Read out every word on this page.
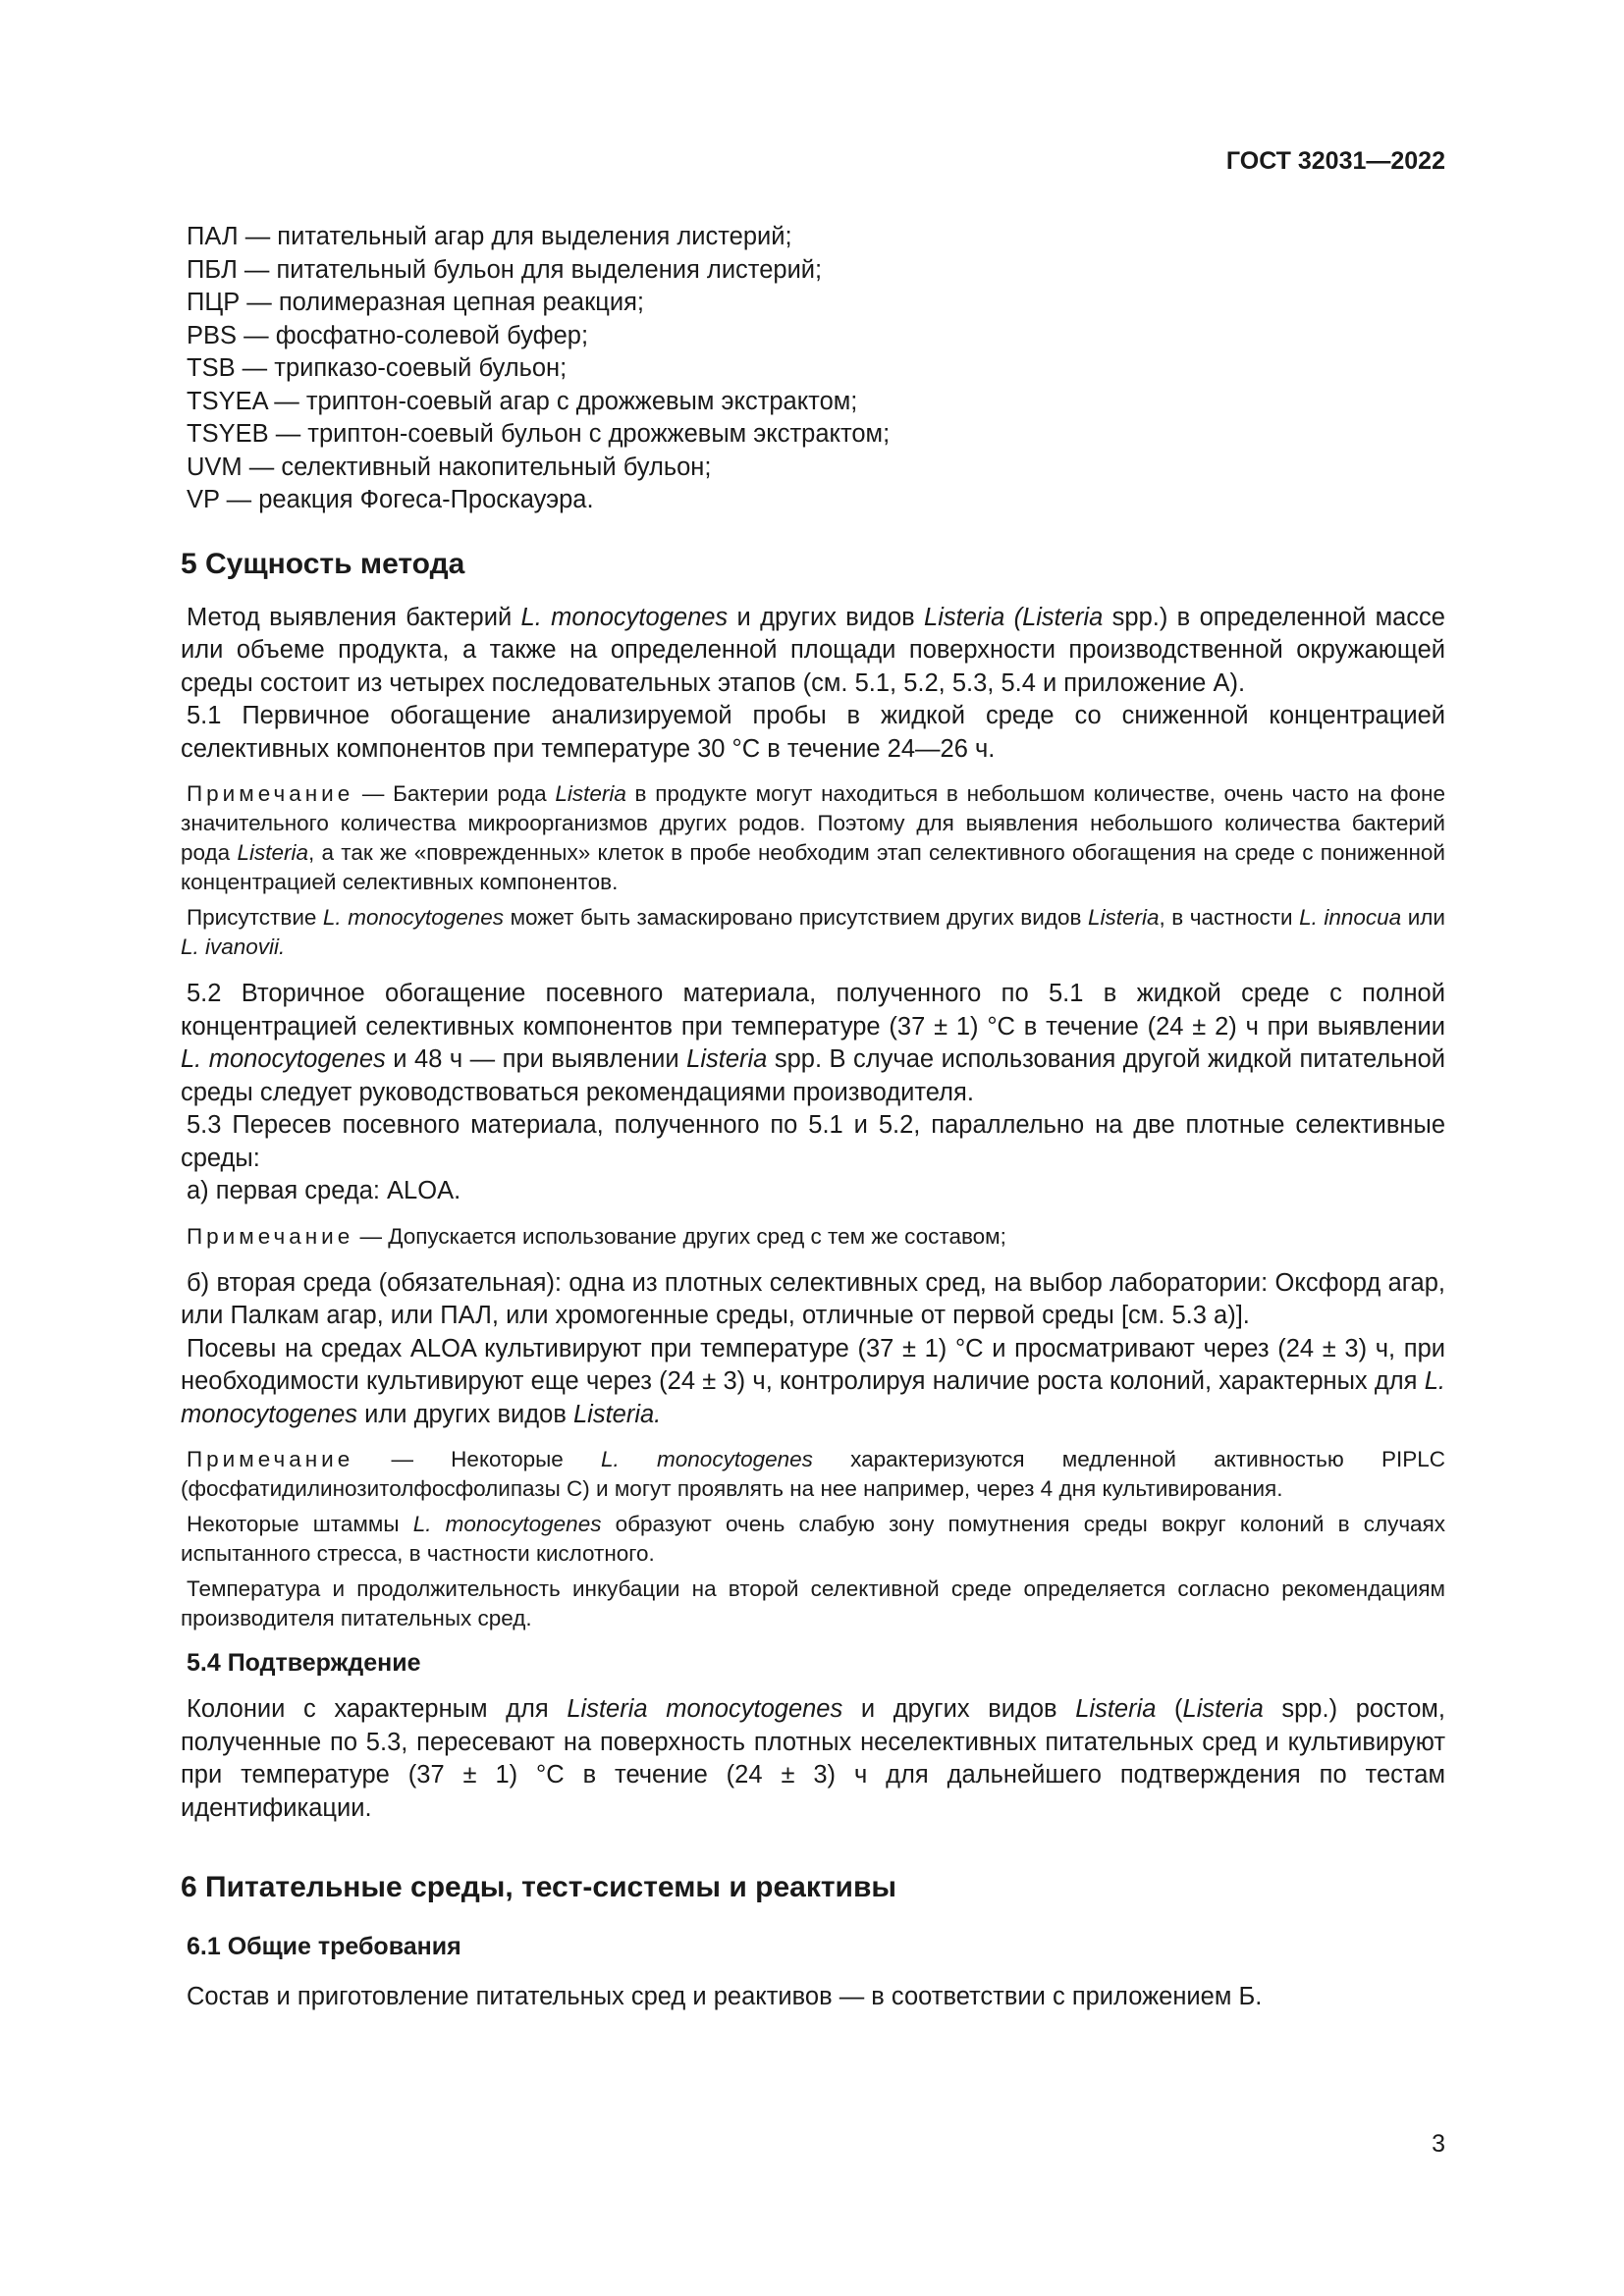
ГОСТ 32031—2022
ПАЛ — питательный агар для выделения листерий;
ПБЛ — питательный бульон для выделения листерий;
ПЦР — полимеразная цепная реакция;
PBS — фосфатно-солевой буфер;
TSB — трипказо-соевый бульон;
TSYEA — триптон-соевый агар с дрожжевым экстрактом;
TSYEB — триптон-соевый бульон с дрожжевым экстрактом;
UVM — селективный накопительный бульон;
VP — реакция Фогеса-Проскауэра.
5 Сущность метода

Метод выявления бактерий L. monocytogenes и других видов Listeria (Listeria spp.) в определенной массе или объеме продукта, а также на определенной площади поверхности производственной окружающей среды состоит из четырех последовательных этапов (см. 5.1, 5.2, 5.3, 5.4 и приложение А).

5.1 Первичное обогащение анализируемой пробы в жидкой среде со сниженной концентрацией селективных компонентов при температуре 30 °С в течение 24—26 ч.

Примечание — Бактерии рода Listeria в продукте могут находиться в небольшом количестве, очень часто на фоне значительного количества микроорганизмов других родов. Поэтому для выявления небольшого количества бактерий рода Listeria, а так же «поврежденных» клеток в пробе необходим этап селективного обогащения на среде с пониженной концентрацией селективных компонентов.

Присутствие L. monocytogenes может быть замаскировано присутствием других видов Listeria, в частности L. innocua или L. ivanovii.

5.2 Вторичное обогащение посевного материала, полученного по 5.1 в жидкой среде с полной концентрацией селективных компонентов при температуре (37 ± 1) °С в течение (24 ± 2) ч при выявлении L. monocytogenes и 48 ч — при выявлении Listeria spp. В случае использования другой жидкой питательной среды следует руководствоваться рекомендациями производителя.

5.3 Пересев посевного материала, полученного по 5.1 и 5.2, параллельно на две плотные селективные среды:

а) первая среда: ALOA.

Примечание — Допускается использование других сред с тем же составом;

б) вторая среда (обязательная): одна из плотных селективных сред, на выбор лаборатории: Оксфорд агар, или Палкам агар, или ПАЛ, или хромогенные среды, отличные от первой среды [см. 5.3 а)].

Посевы на средах ALOA культивируют при температуре (37 ± 1) °С и просматривают через (24 ± 3) ч, при необходимости культивируют еще через (24 ± 3) ч, контролируя наличие роста колоний, характерных для L. monocytogenes или других видов Listeria.

Примечание — Некоторые L. monocytogenes характеризуются медленной активностью PIPLC (фосфатидилинозитолфосфолипазы С) и могут проявлять на нее например, через 4 дня культивирования.

Некоторые штаммы L. monocytogenes образуют очень слабую зону помутнения среды вокруг колоний в случаях испытанного стресса, в частности кислотного.

Температура и продолжительность инкубации на второй селективной среде определяется согласно рекомендациям производителя питательных сред.

5.4 Подтверждение

Колонии с характерным для Listeria monocytogenes и других видов Listeria (Listeria spp.) ростом, полученные по 5.3, пересевают на поверхность плотных неселективных питательных сред и культивируют при температуре (37 ± 1) °С в течение (24 ± 3) ч для дальнейшего подтверждения по тестам идентификации.

6 Питательные среды, тест-системы и реактивы
6.1 Общие требования

Состав и приготовление питательных сред и реактивов — в соответствии с приложением Б.

3
